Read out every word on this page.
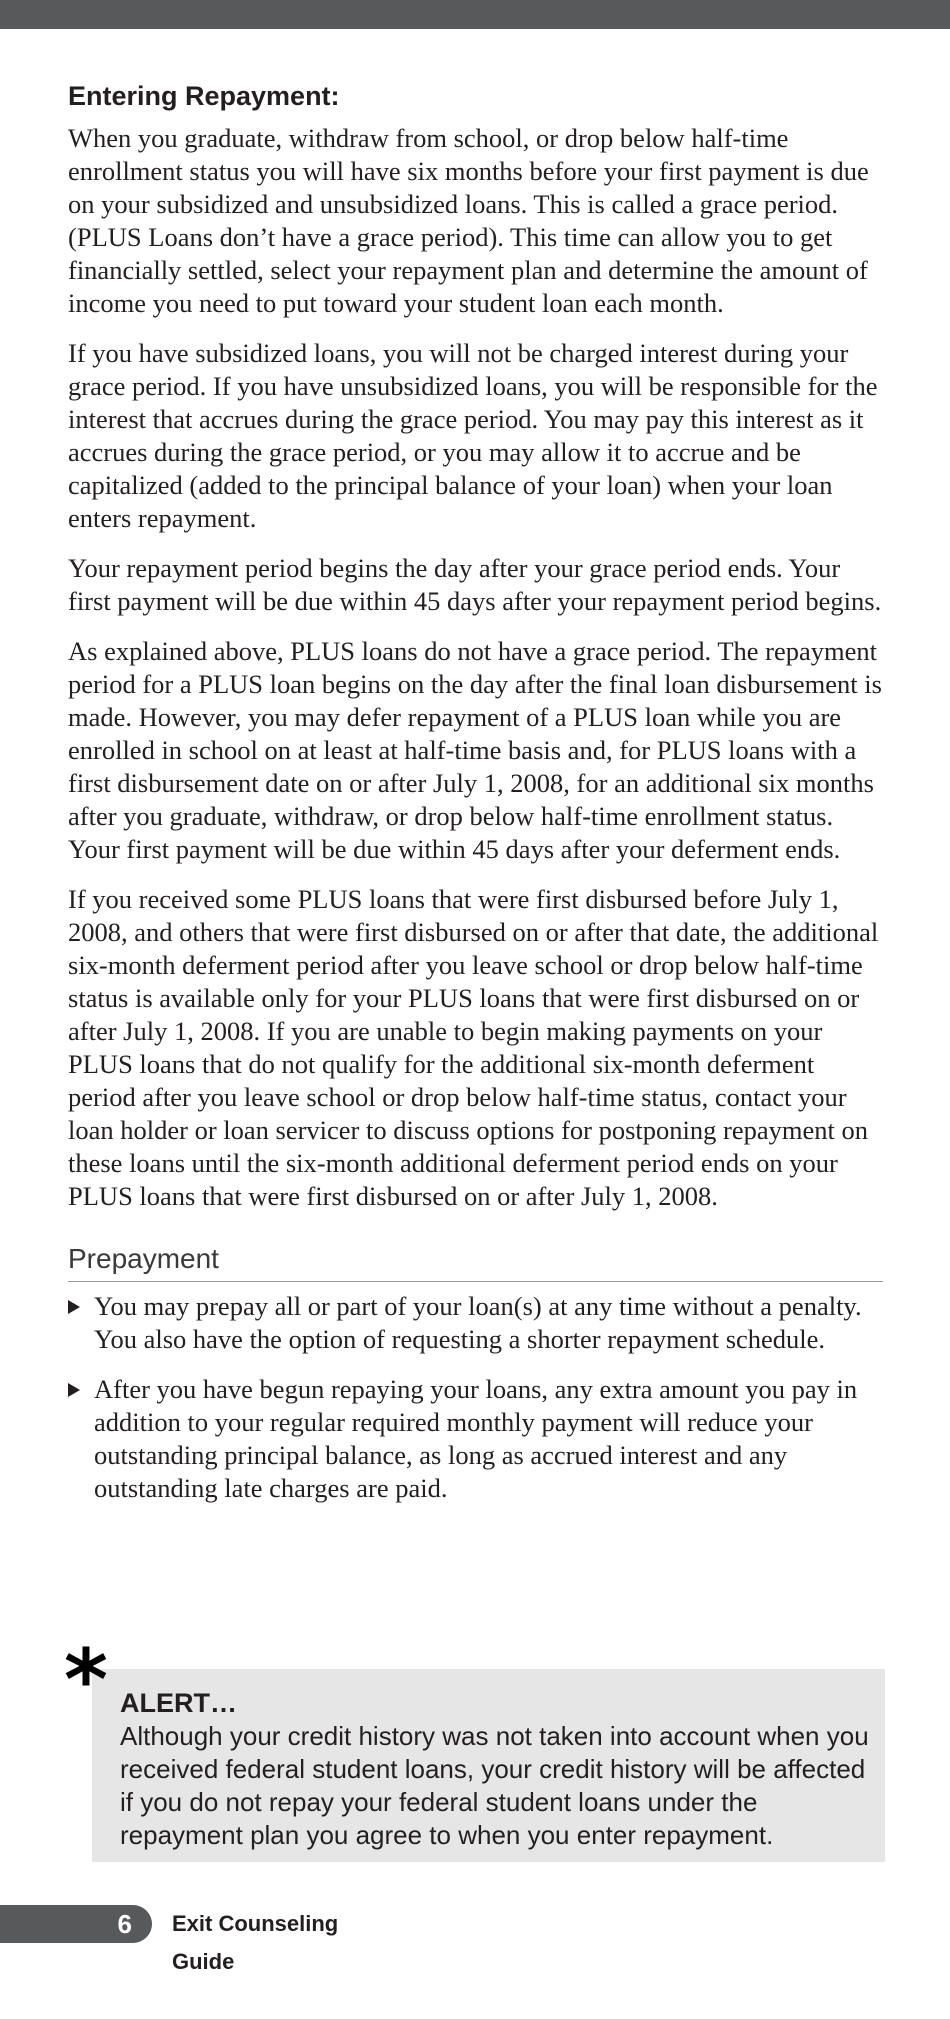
Entering Repayment:

When you graduate, withdraw from school, or drop below half-time enrollment status you will have six months before your first payment is due on your subsidized and unsubsidized loans. This is called a grace period. (PLUS Loans don’t have a grace period). This time can allow you to get financially settled, select your repayment plan and determine the amount of income you need to put toward your student loan each month.

If you have subsidized loans, you will not be charged interest during your grace period. If you have unsubsidized loans, you will be responsible for the interest that accrues during the grace period. You may pay this interest as it accrues during the grace period, or you may allow it to accrue and be capitalized (added to the principal balance of your loan) when your loan enters repayment.

Your repayment period begins the day after your grace period ends. Your first payment will be due within 45 days after your repayment period begins.

As explained above, PLUS loans do not have a grace period. The repayment period for a PLUS loan begins on the day after the final loan disbursement is made. However, you may defer repayment of a PLUS loan while you are enrolled in school on at least at half-time basis and, for PLUS loans with a first disbursement date on or after July 1, 2008, for an additional six months after you graduate, withdraw, or drop below half-time enrollment status. Your first payment will be due within 45 days after your deferment ends.

If you received some PLUS loans that were first disbursed before July 1, 2008, and others that were first disbursed on or after that date, the additional six-month deferment period after you leave school or drop below half-time status is available only for your PLUS loans that were first disbursed on or after July 1, 2008. If you are unable to begin making payments on your PLUS loans that do not qualify for the additional six-month deferment period after you leave school or drop below half-time status, contact your loan holder or loan servicer to discuss options for postponing repayment on these loans until the six-month additional deferment period ends on your PLUS loans that were first disbursed on or after July 1, 2008.

Prepayment
You may prepay all or part of your loan(s) at any time without a penalty. You also have the option of requesting a shorter repayment schedule.
After you have begun repaying your loans, any extra amount you pay in addition to your regular required monthly payment will reduce your outstanding principal balance, as long as accrued interest and any outstanding late charges are paid.
ALERT…
Although your credit history was not taken into account when you received federal student loans, your credit history will be affected if you do not repay your federal student loans under the repayment plan you agree to when you enter repayment.
*
6	Exit Counseling Guide
